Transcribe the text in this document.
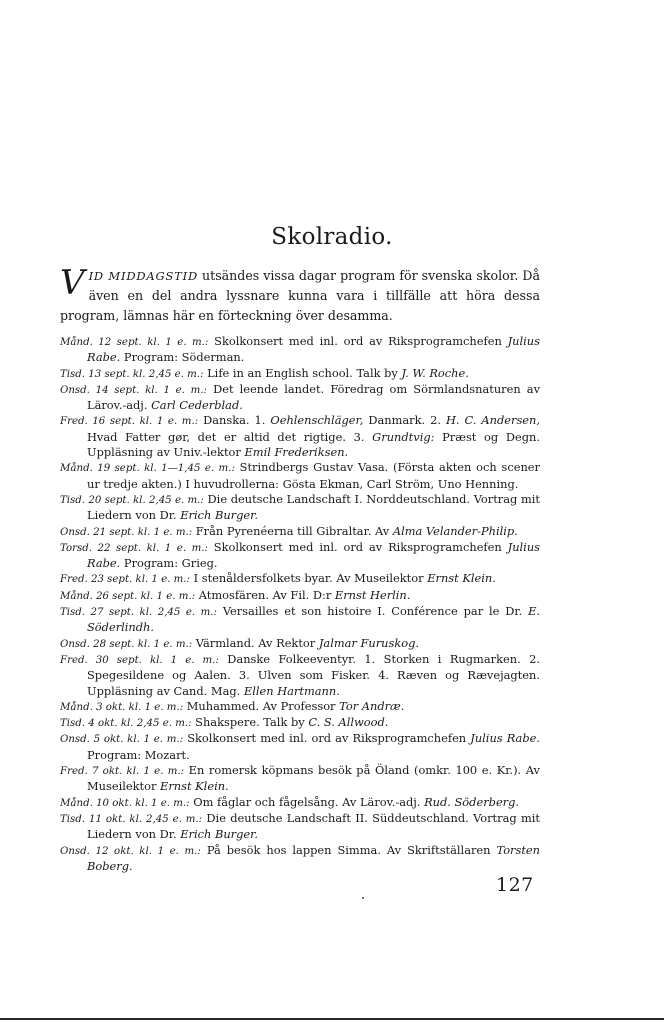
Skolradio.
VID MIDDAGSTID utsändes vissa dagar program för svenska skolor. Då även en del andra lyssnare kunna vara i tillfälle att höra dessa program, lämnas här en förteckning över desamma.

Månd. 12 sept. kl. 1 e. m.: Skolkonsert med inl. ord av Riksprogramchefen Julius Rabe. Program: Söderman.

Tisd. 13 sept. kl. 2,45 e. m.: Life in an English school. Talk by J. W. Roche.

Onsd. 14 sept. kl. 1 e. m.: Det leende landet. Föredrag om Sörmlandsnaturen av Lärov.-adj. Carl Cederblad.

Fred. 16 sept. kl. 1 e. m.: Danska. 1. Oehlenschläger, Danmark. 2. H. C. Andersen, Hvad Fatter gør, det er altid det rigtige. 3. Grundtvig: Præst og Degn. Uppläsning av Univ.-lektor Emil Frederiksen.

Månd. 19 sept. kl. 1—1,45 e. m.: Strindbergs Gustav Vasa. (Första akten och scener ur tredje akten.) I huvudrollerna: Gösta Ekman, Carl Ström, Uno Henning.

Tisd. 20 sept. kl. 2,45 e. m.: Die deutsche Landschaft I. Norddeutschland. Vortrag mit Liedern von Dr. Erich Burger.

Onsd. 21 sept. kl. 1 e. m.: Från Pyrenéerna till Gibraltar. Av Alma Velander-Philip.

Torsd. 22 sept. kl. 1 e. m.: Skolkonsert med inl. ord av Riksprogramchefen Julius Rabe. Program: Grieg.

Fred. 23 sept. kl. 1 e. m.: I stenåldersfolkets byar. Av Museilektor Ernst Klein.

Månd. 26 sept. kl. 1 e. m.: Atmosfären. Av Fil. D:r Ernst Herlin.

Tisd. 27 sept. kl. 2,45 e. m.: Versailles et son histoire I. Conférence par le Dr. E. Söderlindh.

Onsd. 28 sept. kl. 1 e. m.: Värmland. Av Rektor Jalmar Furuskog.

Fred. 30 sept. kl. 1 e. m.: Danske Folkeeventyr. 1. Storken i Rugmarken. 2. Spegesildene og Aalen. 3. Ulven som Fisker. 4. Ræven og Rævejagten. Uppläsning av Cand. Mag. Ellen Hartmann.

Månd. 3 okt. kl. 1 e. m.: Muhammed. Av Professor Tor Andræ.

Tisd. 4 okt. kl. 2,45 e. m.: Shakspere. Talk by C. S. Allwood.

Onsd. 5 okt. kl. 1 e. m.: Skolkonsert med inl. ord av Riksprogramchefen Julius Rabe. Program: Mozart.

Fred. 7 okt. kl. 1 e. m.: En romersk köpmans besök på Öland (omkr. 100 e. Kr.). Av Museilektor Ernst Klein.

Månd. 10 okt. kl. 1 e. m.: Om fåglar och fågelsång. Av Lärov.-adj. Rud. Söderberg.

Tisd. 11 okt. kl. 2,45 e. m.: Die deutsche Landschaft II. Süddeutschland. Vortrag mit Liedern von Dr. Erich Burger.

Onsd. 12 okt. kl. 1 e. m.: På besök hos lappen Simma. Av Skriftställaren Torsten Boberg.

127
